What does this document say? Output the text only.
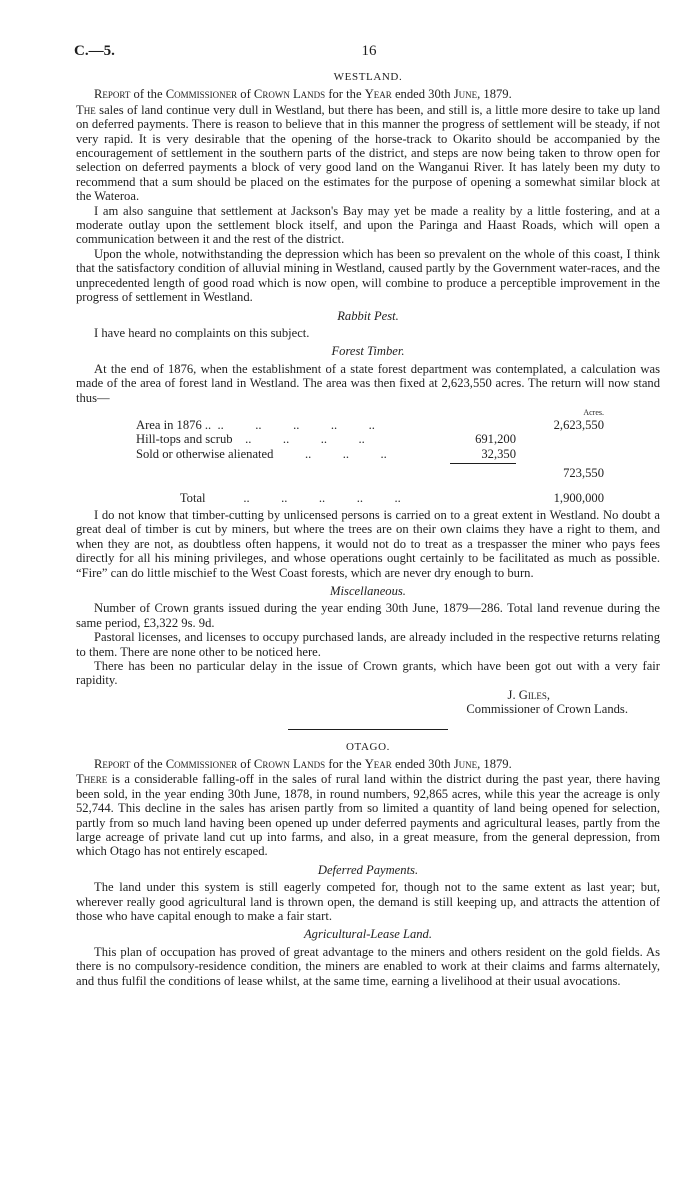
C.—5.	16
WESTLAND.
Report of the Commissioner of Crown Lands for the Year ended 30th June, 1879.

The sales of land continue very dull in Westland, but there has been, and still is, a little more desire to take up land on deferred payments. There is reason to believe that in this manner the progress of settlement will be steady, if not very rapid. It is very desirable that the opening of the horse-track to Okarito should be accompanied by the encouragement of settlement in the southern parts of the district, and steps are now being taken to throw open for selection on deferred payments a block of very good land on the Wanganui River. It has lately been my duty to recommend that a sum should be placed on the estimates for the purpose of opening a somewhat similar block at the Wateroa.

I am also sanguine that settlement at Jackson's Bay may yet be made a reality by a little fostering, and at a moderate outlay upon the settlement block itself, and upon the Paringa and Haast Roads, which will open a communication between it and the rest of the district.

Upon the whole, notwithstanding the depression which has been so prevalent on the whole of this coast, I think that the satisfactory condition of alluvial mining in Westland, caused partly by the Government water-races, and the unprecedented length of good road which is now open, will combine to produce a perceptible improvement in the progress of settlement in Westland.

Rabbit Pest.

I have heard no complaints on this subject.

Forest Timber.

At the end of 1876, when the establishment of a state forest department was contemplated, a calculation was made of the area of forest land in Westland. The area was then fixed at 2,623,550 acres. The return will now stand thus—

Acres.
Area in 1876 .. ..          ..          ..          ..          ..	2,623,550
Hill-tops and scrub ..          ..          ..          ..	691,200
Sold or otherwise alienated ..          ..          ..	32,350
723,550
Total	..          ..          ..          ..          ..	1,900,000

I do not know that timber-cutting by unlicensed persons is carried on to a great extent in Westland. No doubt a great deal of timber is cut by miners, but where the trees are on their own claims they have a right to them, and when they are not, as doubtless often happens, it would not do to treat as a trespasser the miner who pays fees directly for all his mining privileges, and whose operations ought certainly to be facilitated as much as possible. “Fire” can do little mischief to the West Coast forests, which are never dry enough to burn.

Miscellaneous.

Number of Crown grants issued during the year ending 30th June, 1879—286. Total land revenue during the same period, £3,322 9s. 9d.

Pastoral licenses, and licenses to occupy purchased lands, are already included in the respective returns relating to them. There are none other to be noticed here.

There has been no particular delay in the issue of Crown grants, which have been got out with a very fair rapidity.

J. Giles,
Commissioner of Crown Lands.
OTAGO.
Report of the Commissioner of Crown Lands for the Year ended 30th June, 1879.

There is a considerable falling-off in the sales of rural land within the district during the past year, there having been sold, in the year ending 30th June, 1878, in round numbers, 92,865 acres, while this year the acreage is only 52,744. This decline in the sales has arisen partly from so limited a quantity of land being opened for selection, partly from so much land having been opened up under deferred payments and agricultural leases, partly from the large acreage of private land cut up into farms, and also, in a great measure, from the general depression, from which Otago has not entirely escaped.

Deferred Payments.

The land under this system is still eagerly competed for, though not to the same extent as last year; but, wherever really good agricultural land is thrown open, the demand is still keeping up, and attracts the attention of those who have capital enough to make a fair start.

Agricultural-Lease Land.

This plan of occupation has proved of great advantage to the miners and others resident on the gold fields. As there is no compulsory-residence condition, the miners are enabled to work at their claims and farms alternately, and thus fulfil the conditions of lease whilst, at the same time, earning a livelihood at their usual avocations.
